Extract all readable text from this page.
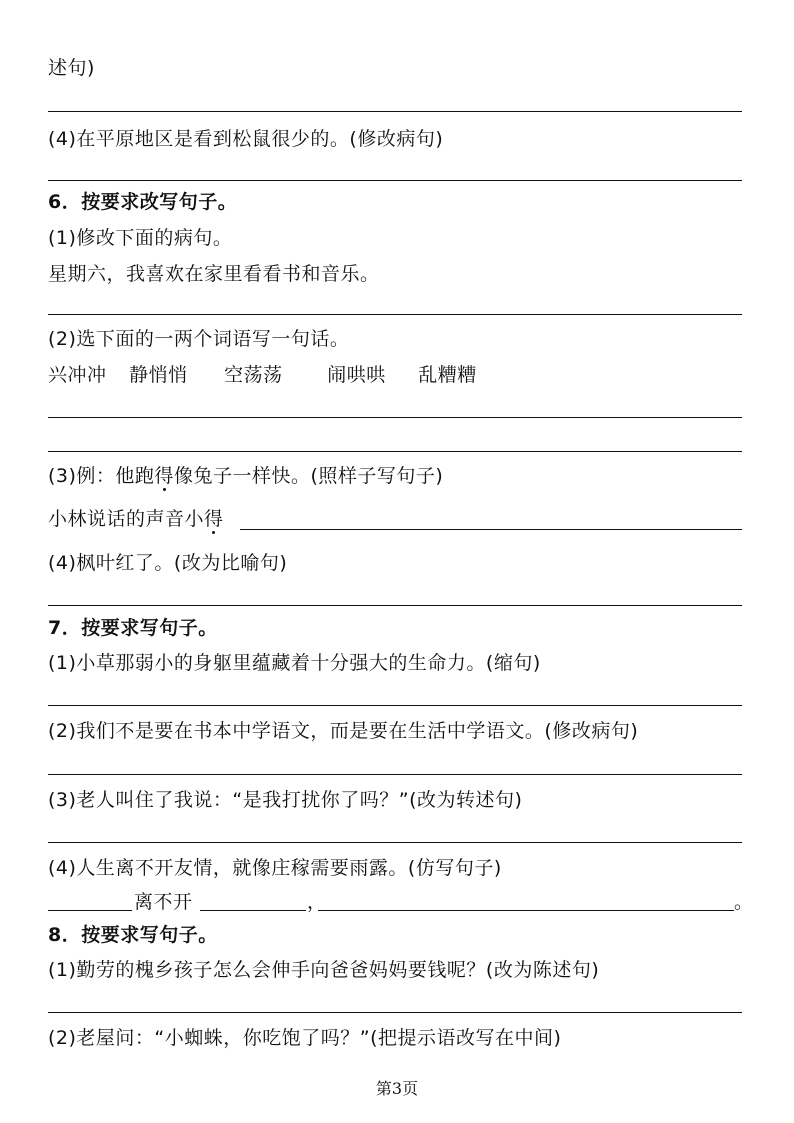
述句)
(4)在平原地区是看到松鼠很少的。(修改病句)
6．按要求改写句子。
(1)修改下面的病句。
星期六，我喜欢在家里看看书和音乐。
(2)选下面的一两个词语写一句话。
兴冲冲 静悄悄 空荡荡 闹哄哄 乱糟糟
(3)例：他跑得像兔子一样快。(照样子写句子)
小林说话的声音小得
(4)枫叶红了。(改为比喻句)
7．按要求写句子。
(1)小草那弱小的身躯里蕴藏着十分强大的生命力。(缩句)
(2)我们不是要在书本中学语文，而是要在生活中学语文。(修改病句)
(3)老人叫住了我说：“是我打扰你了吗？”(改为转述句)
(4)人生离不开友情，就像庄稼需要雨露。(仿写句子)
离不开	，	。
8．按要求写句子。
(1)勤劳的槐乡孩子怎么会伸手向爸爸妈妈要钱呢？(改为陈述句)
(2)老屋问：“小蜘蛛，你吃饱了吗？”(把提示语改写在中间)
第3页
